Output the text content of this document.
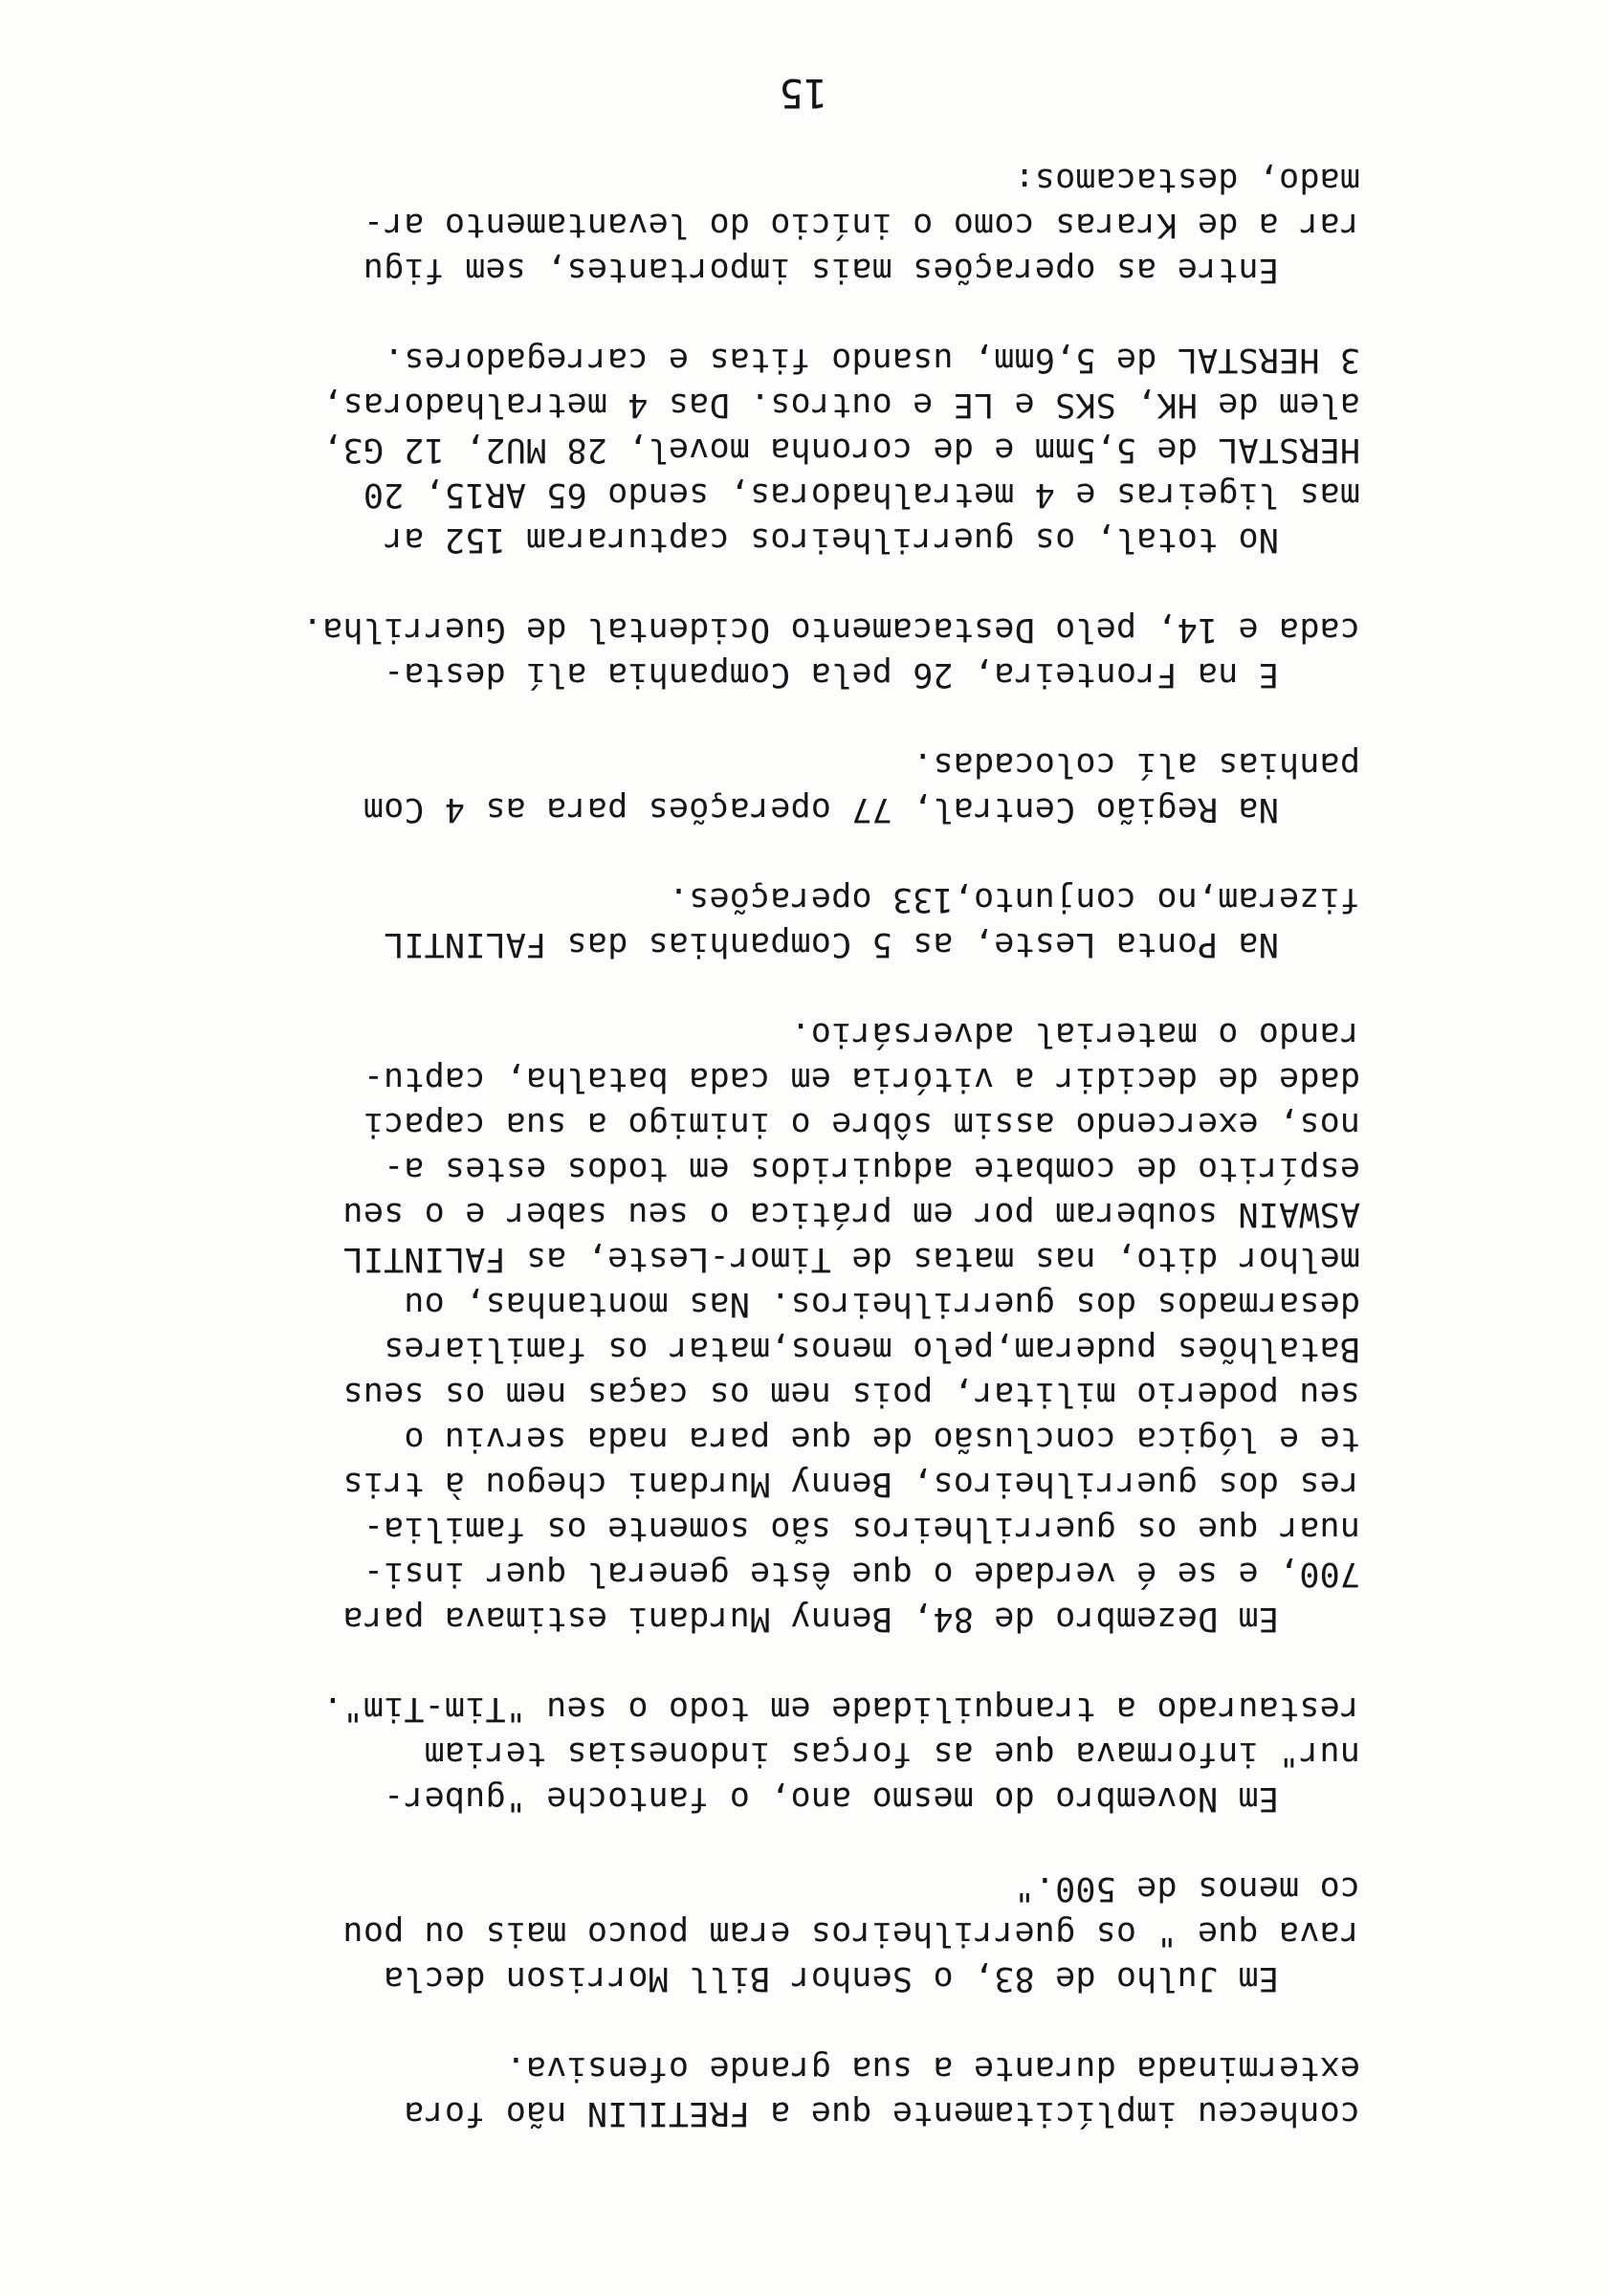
conheceu implícitamente que a FRETILIN não fora
exterminada durante a sua grande ofensiva.
Em Julho de 83, o Senhor Bill Morrison decla
rava que " os guerrilheiros eram pouco mais ou pou
co menos de 500."
Em Novembro do mesmo ano, o fantoche "guber-
nur" informava que as forças indonesias teriam
restaurado a tranquilidade em todo o seu "Tim-Tim".
Em Dezembro de 84, Benny Murdani estimava para
700, e se é verdade o que êste general quer insi-
nuar que os guerrilheiros são somente os familia-
res dos guerrilheiros, Benny Murdani chegou à tris
te e lógica conclusão de que para nada serviu o
seu poderio militar, pois nem os caças nem os seus
Batalhões puderam,pelo menos,matar os familiares
desarmados dos guerrilheiros. Nas montanhas, ou
melhor dito, nas matas de Timor-Leste, as FALINTIL
ASWAIN souberam por em prática o seu saber e o seu
espírito de combate adquiridos em todos estes a-
nos, exercendo assim sôbre o inimigo a sua capaci
dade de decidir a vitória em cada batalha, captu-
rando o material adversário.
Na Ponta Leste, as 5 Companhias das FALINTIL
fizeram,no conjunto,133 operações.
Na Região Central, 77 operações para as 4 Com
panhias alí colocadas.
E na Fronteira, 26 pela Companhia alí desta-
cada e 14, pelo Destacamento Ocidental de Guerrilha.
No total, os guerrilheiros capturaram 152 ar
mas ligeiras e 4 metralhadoras, sendo 65 AR15, 20
HERSTAL de 5,5mm e de coronha movel, 28 MU2, 12 G3,
alem de HK, SKS e LE e outros. Das 4 metralhadoras,
3 HERSTAL de 5,6mm, usando fitas e carregadores.
Entre as operações mais importantes, sem figu
rar a de Kraras como o início do levantamento ar-
mado, destacamos:
15
